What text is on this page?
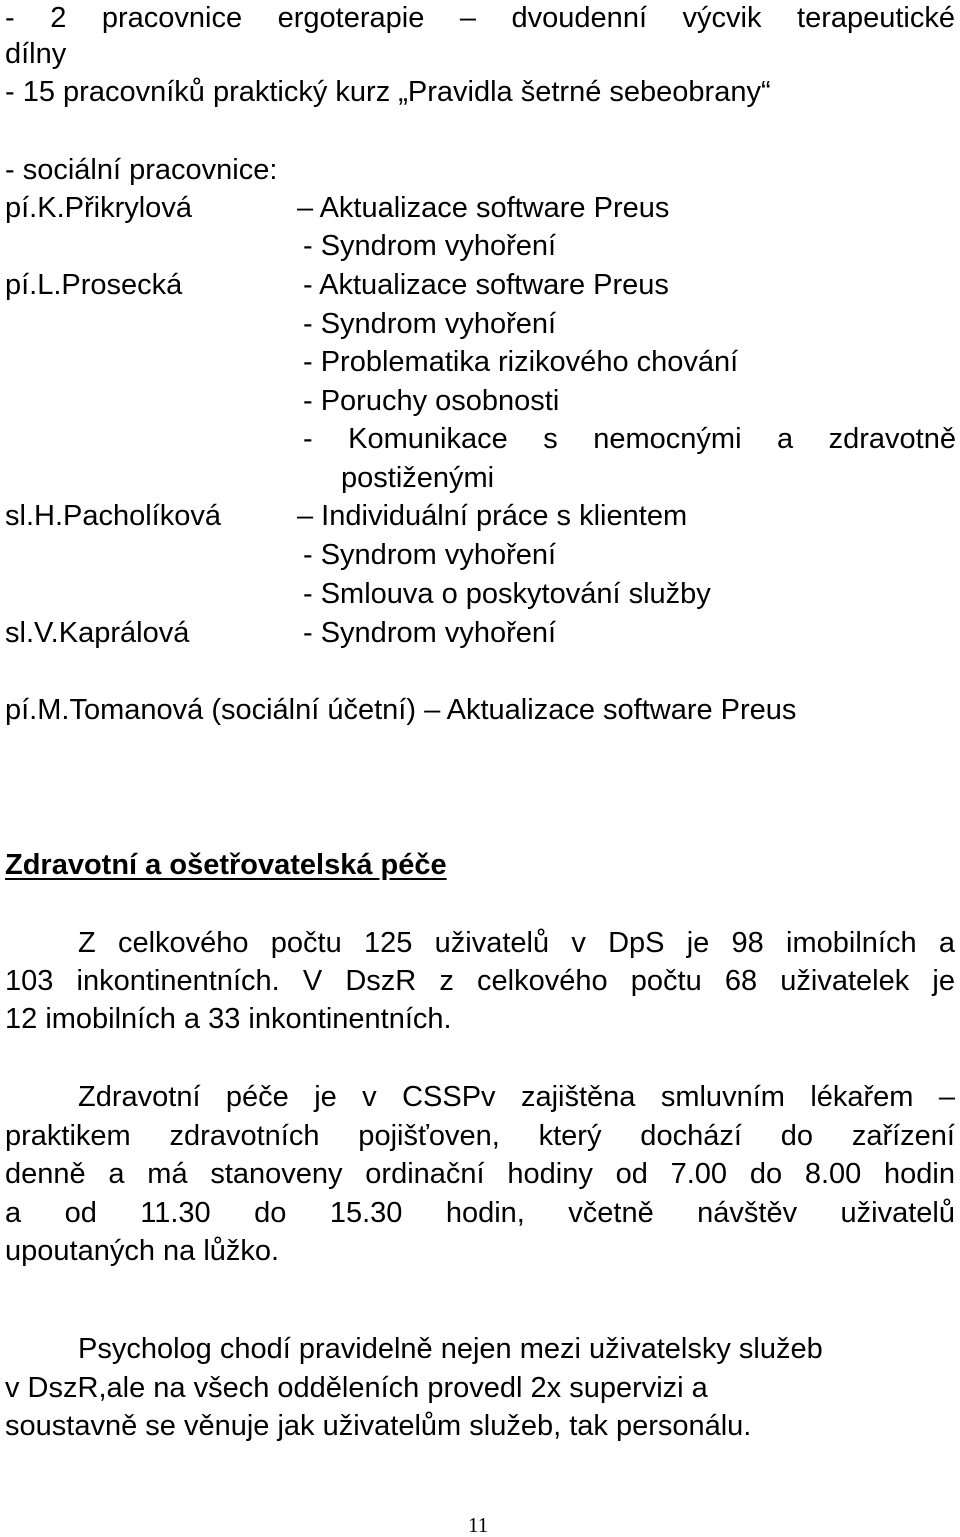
- 2 pracovnice ergoterapie – dvoudenní výcvik terapeutické
dílny
- 15 pracovníků praktický kurz „Pravidla šetrné sebeobrany“
- sociální pracovnice:
pí.K.Přikrylová	– Aktualizace software Preus
- Syndrom vyhoření
pí.L.Prosecká	- Aktualizace software Preus
- Syndrom vyhoření
- Problematika rizikového chování
- Poruchy osobnosti
- Komunikace s nemocnými a zdravotně
postiženými
sl.H.Pacholíková	– Individuální práce s klientem
- Syndrom vyhoření
- Smlouva o poskytování služby
sl.V.Kaprálová	- Syndrom vyhoření
pí.M.Tomanová (sociální účetní) – Aktualizace software Preus
Zdravotní a ošetřovatelská péče
Z celkového počtu 125 uživatelů v DpS je 98 imobilních a
103 inkontinentních. V DszR z celkového počtu 68 uživatelek je
12 imobilních a 33 inkontinentních.
Zdravotní péče je v CSSPv zajištěna smluvním lékařem –
praktikem zdravotních pojišťoven, který dochází do zařízení
denně a má stanoveny ordinační hodiny od 7.00 do 8.00 hodin
a od 11.30 do 15.30 hodin, včetně návštěv uživatelů
upoutaných na lůžko.
Psycholog chodí pravidelně nejen mezi uživatelsky služeb
v DszR,ale na všech odděleních provedl 2x supervizi a
soustavně se věnuje jak uživatelům služeb, tak personálu.
11
